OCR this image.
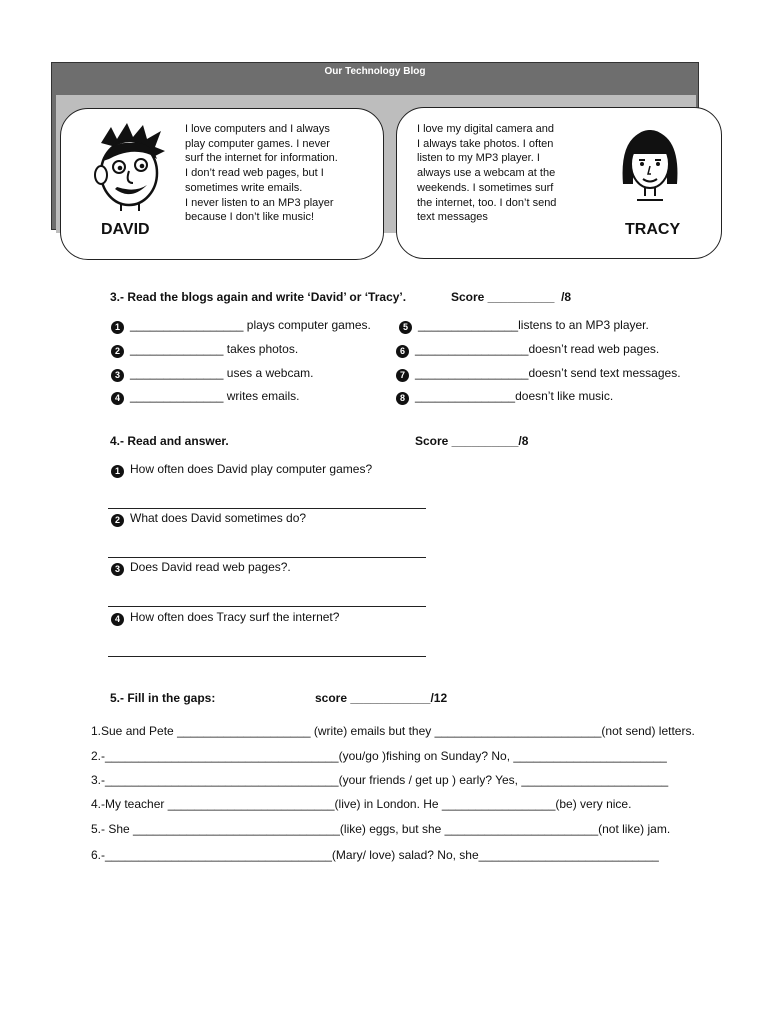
Our Technology Blog
DAVID
I love computers and I always
play computer games. I never
surf the internet for information.
I don’t read web pages, but I
sometimes write emails.
I never listen to an MP3 player
because I don’t like music!
I love my digital camera and
I always take photos. I often
listen to my MP3 player. I
always use a webcam at the
weekends. I sometimes surf
the internet, too. I don’t send
text messages
TRACY
3.- Read the blogs again and write ‘David’ or ‘Tracy’.	Score __________  /8
1 _________________ plays computer games.
2 ______________ takes photos.
3 ______________ uses a webcam.
4 ______________ writes emails.
5 _______________listens to an MP3 player.
6 _________________doesn’t read web pages.
7 _________________doesn’t send text messages.
8 _______________doesn’t like music.
4.- Read and answer.	Score __________/8
1 How often does David play computer games?
2 What does David sometimes do?
3 Does David read web pages?.
4 How often does Tracy surf the internet?
5.- Fill in the gaps:	score ____________/12
1.Sue and Pete ____________________ (write) emails but they _________________________(not send) letters.
2.-___________________________________(you/go )fishing on Sunday? No, _______________________
3.-___________________________________(your friends / get up ) early? Yes, ______________________
4.-My teacher _________________________(live) in London. He _________________(be) very nice.
5.- She _______________________________(like) eggs, but she _______________________(not like) jam.
6.-__________________________________(Mary/ love) salad? No, she___________________________
